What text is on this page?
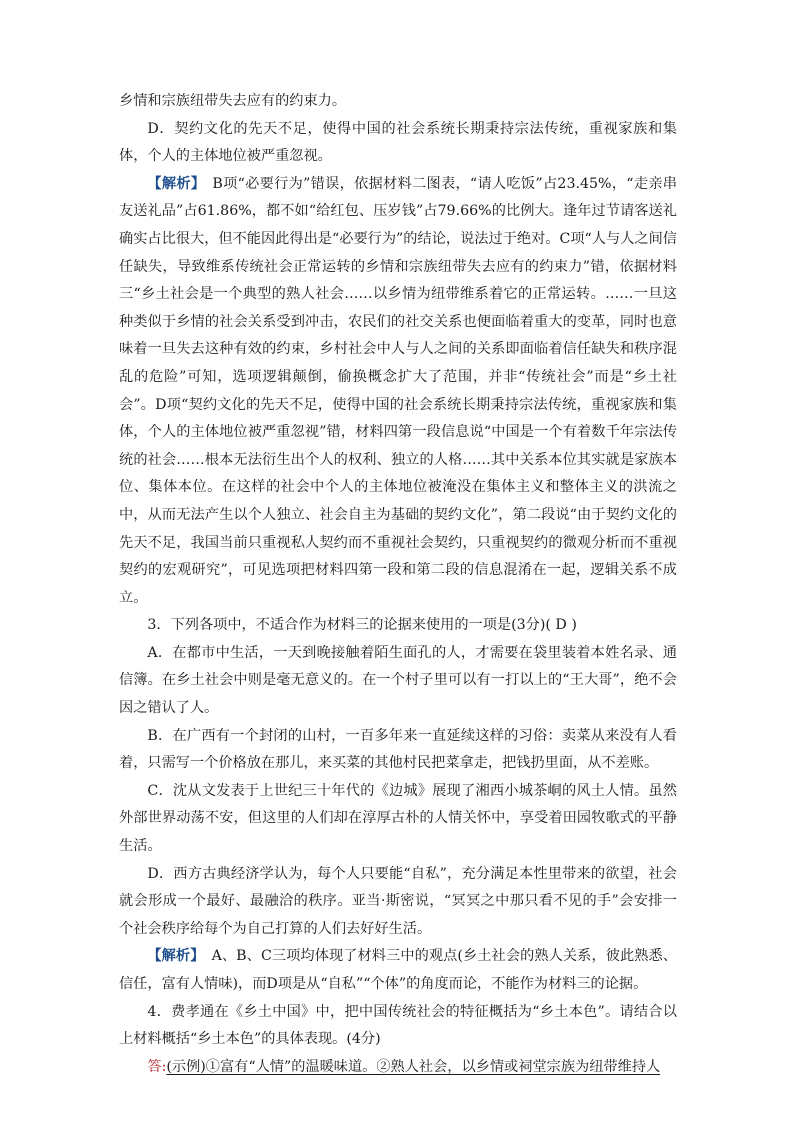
乡情和宗族纽带失去应有的约束力。

D．契约文化的先天不足，使得中国的社会系统长期秉持宗法传统，重视家族和集体，个人的主体地位被严重忽视。

【解析】 B项“必要行为”错误，依据材料二图表，“请人吃饭”占23.45%，“走亲串友送礼品”占61.86%，都不如“给红包、压岁钱”占79.66%的比例大。逢年过节请客送礼确实占比很大，但不能因此得出是“必要行为”的结论，说法过于绝对。C项“人与人之间信任缺失，导致维系传统社会正常运转的乡情和宗族纽带失去应有的约束力”错，依据材料三“乡土社会是一个典型的熟人社会……以乡情为纽带维系着它的正常运转。……一旦这种类似于乡情的社会关系受到冲击，农民们的社交关系也便面临着重大的变革，同时也意味着一旦失去这种有效的约束，乡村社会中人与人之间的关系即面临着信任缺失和秩序混乱的危险”可知，选项逻辑颠倒，偷换概念扩大了范围，并非“传统社会”而是“乡土社会”。D项“契约文化的先天不足，使得中国的社会系统长期秉持宗法传统，重视家族和集体，个人的主体地位被严重忽视”错，材料四第一段信息说“中国是一个有着数千年宗法传统的社会……根本无法衍生出个人的权利、独立的人格……其中关系本位其实就是家族本位、集体本位。在这样的社会中个人的主体地位被淹没在集体主义和整体主义的洪流之中，从而无法产生以个人独立、社会自主为基础的契约文化”，第二段说“由于契约文化的先天不足，我国当前只重视私人契约而不重视社会契约，只重视契约的微观分析而不重视契约的宏观研究”，可见选项把材料四第一段和第二段的信息混淆在一起，逻辑关系不成立。

3．下列各项中，不适合作为材料三的论据来使用的一项是(3分)( D )

A．在都市中生活，一天到晚接触着陌生面孔的人，才需要在袋里装着本姓名录、通信簿。在乡土社会中则是毫无意义的。在一个村子里可以有一打以上的“王大哥”，绝不会因之错认了人。

B．在广西有一个封闭的山村，一百多年来一直延续这样的习俗：卖菜从来没有人看着，只需写一个价格放在那儿，来买菜的其他村民把菜拿走，把钱扔里面，从不差账。

C．沈从文发表于上世纪三十年代的《边城》展现了湘西小城茶峒的风土人情。虽然外部世界动荡不安，但这里的人们却在淳厚古朴的人情关怀中，享受着田园牧歌式的平静生活。

D．西方古典经济学认为，每个人只要能“自私”，充分满足本性里带来的欲望，社会就会形成一个最好、最融洽的秩序。亚当·斯密说，“冥冥之中那只看不见的手”会安排一个社会秩序给每个为自己打算的人们去好好生活。

【解析】 A、B、C三项均体现了材料三中的观点(乡土社会的熟人关系，彼此熟悉、信任，富有人情味)，而D项是从“自私”“个体”的角度而论，不能作为材料三的论据。

4．费孝通在《乡土中国》中，把中国传统社会的特征概括为“乡土本色”。请结合以上材料概括“乡土本色”的具体表现。(4分)

答:(示例)①富有“人情”的温暖味道。②熟人社会，以乡情或祠堂宗族为纽带维持人
